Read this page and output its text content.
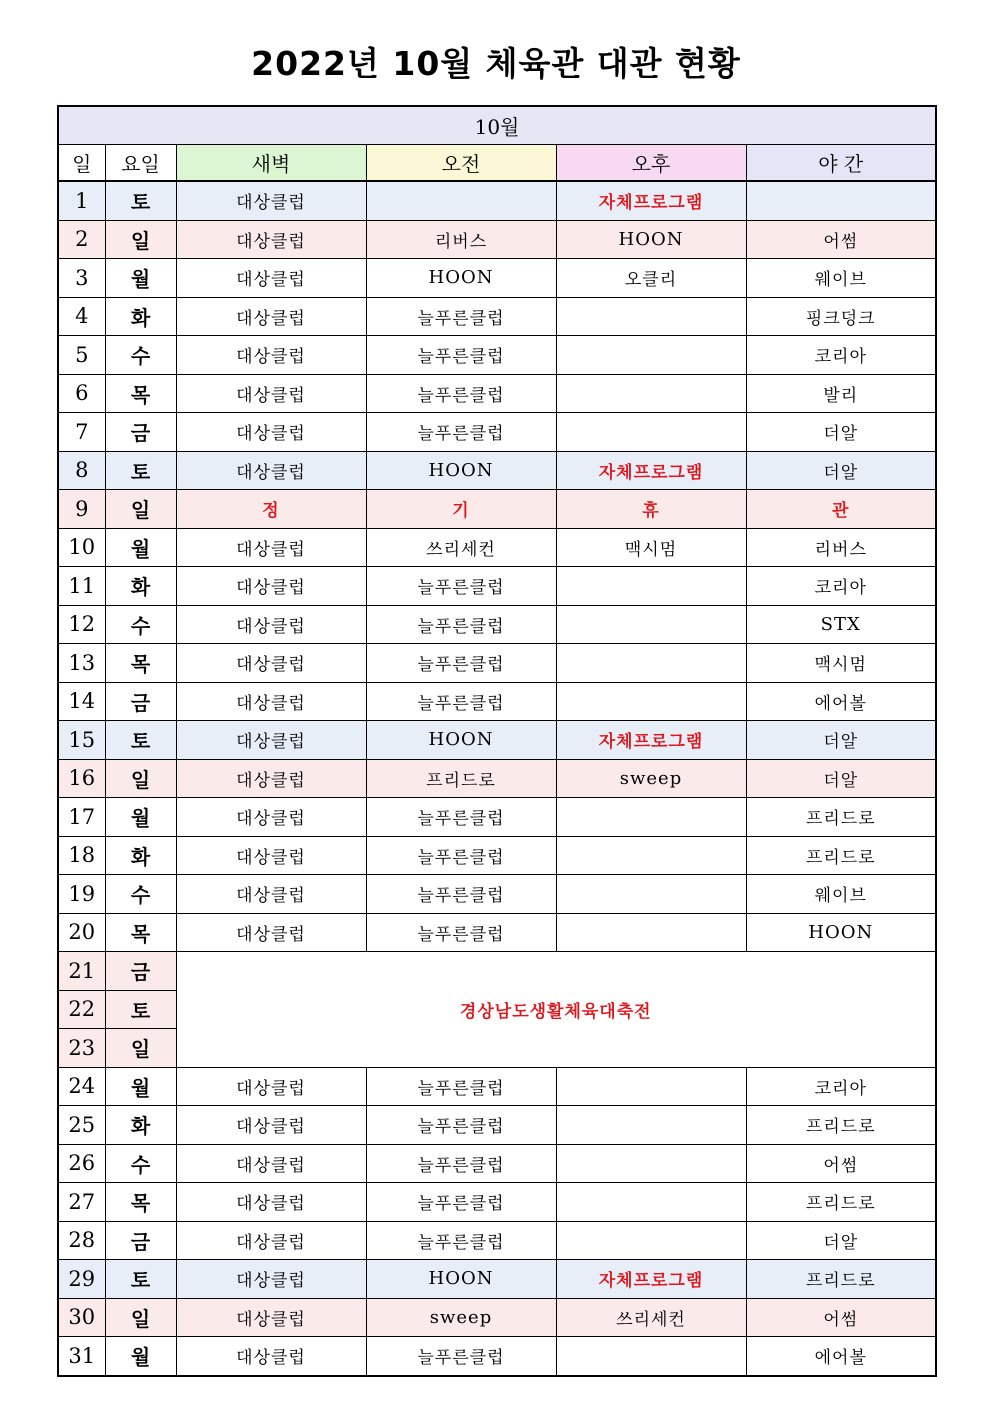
2022년 10월 체육관 대관 현황
10월					
일	요일	새벽	오전	오후	야 간
1	토	대상클럽		자체프로그램	
2	일	대상클럽	리버스	HOON	어썸
3	월	대상클럽	HOON	오클리	웨이브
4	화	대상클럽	늘푸른클럽		핑크덩크
5	수	대상클럽	늘푸른클럽		코리아
6	목	대상클럽	늘푸른클럽		발리
7	금	대상클럽	늘푸른클럽		더알
8	토	대상클럽	HOON	자체프로그램	더알
9	일	정	기	휴	관
10	월	대상클럽	쓰리세컨	맥시멈	리버스
11	화	대상클럽	늘푸른클럽		코리아
12	수	대상클럽	늘푸른클럽		STX
13	목	대상클럽	늘푸른클럽		맥시멈
14	금	대상클럽	늘푸른클럽		에어볼
15	토	대상클럽	HOON	자체프로그램	더알
16	일	대상클럽	프리드로	sweep	더알
17	월	대상클럽	늘푸른클럽		프리드로
18	화	대상클럽	늘푸른클럽		프리드로
19	수	대상클럽	늘푸른클럽		웨이브
20	목	대상클럽	늘푸른클럽		HOON
21	금	경상남도생활체육대축전			
22	토				
23	일				
24	월	대상클럽	늘푸른클럽		코리아
25	화	대상클럽	늘푸른클럽		프리드로
26	수	대상클럽	늘푸른클럽		어썸
27	목	대상클럽	늘푸른클럽		프리드로
28	금	대상클럽	늘푸른클럽		더알
29	토	대상클럽	HOON	자체프로그램	프리드로
30	일	대상클럽	sweep	쓰리세컨	어썸
31	월	대상클럽	늘푸른클럽		에어볼
